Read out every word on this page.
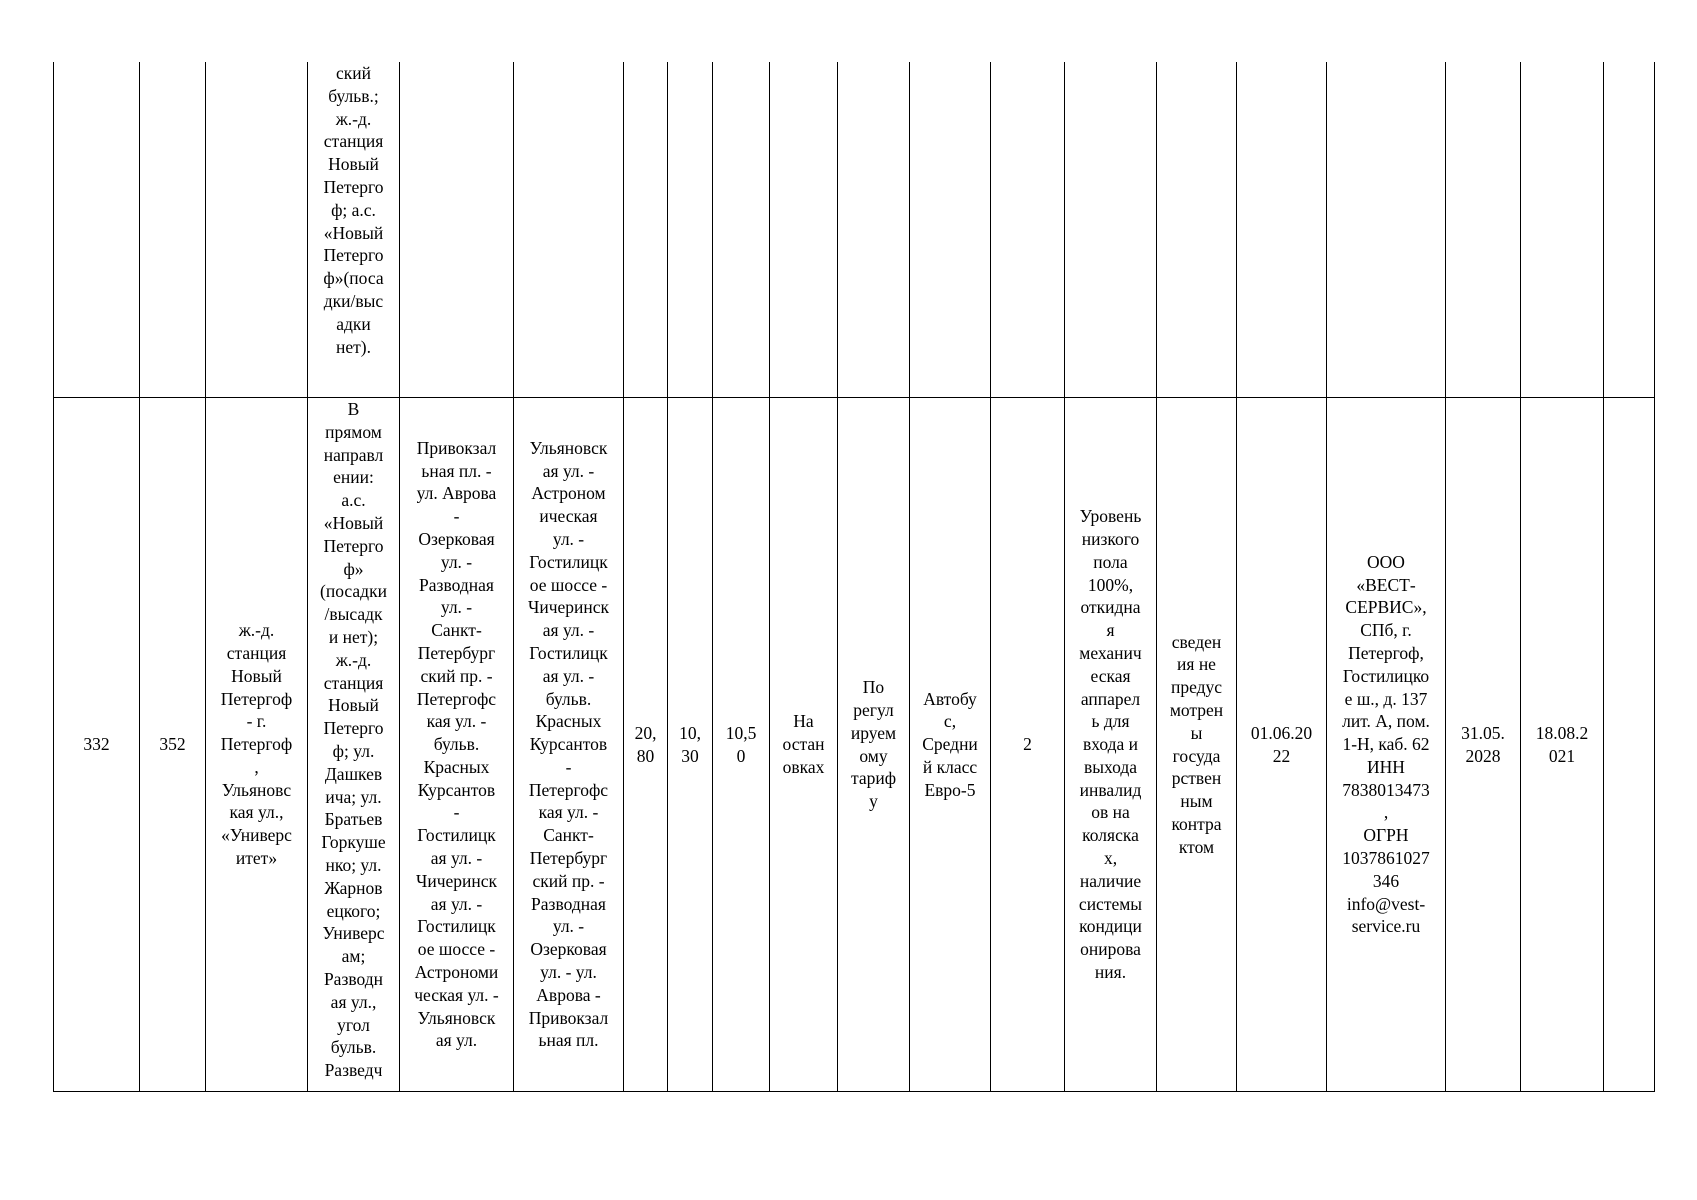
ский
бульв.;
ж.-д.
станция
Новый
Петерго
ф; а.с.
«Новый
Петерго
ф»(поса
дки/выс
адки
нет).
332	352
ж.-д.
станция
Новый
Петергоф
- г.
Петергоф
,
Ульяновс
кая ул.,
«Универс
итет»
В
прямом
направл
ении:
а.с.
«Новый
Петерго
ф»
(посадки
/высадк
и нет);
ж.-д.
станция
Новый
Петерго
ф; ул.
Дашкев
ича; ул.
Братьев
Горкуше
нко; ул.
Жарнов
ецкого;
Универс
ам;
Разводн
ая ул.,
угол
бульв.
Разведч
Привокзал
ьная пл. -
ул. Аврова
-
Озерковая
ул. -
Разводная
ул. -
Санкт-
Петербург
ский пр. -
Петергофс
кая ул. -
бульв.
Красных
Курсантов
-
Гостилицк
ая ул. -
Чичеринск
ая ул. -
Гостилицк
ое шоссе -
Астрономи
ческая ул. -
Ульяновск
ая ул.
Ульяновск
ая ул. -
Астроном
ическая
ул. -
Гостилицк
ое шоссе -
Чичеринск
ая ул. -
Гостилицк
ая ул. -
бульв.
Красных
Курсантов
-
Петергофс
кая ул. -
Санкт-
Петербург
ский пр. -
Разводная
ул. -
Озерковая
ул. - ул.
Аврова -
Привокзал
ьная пл.
20,
80
10,
30
10,5
0
На
остан
овках
По
регул
ируем
ому
тариф
у
Автобу
с,
Средни
й класс
Евро-5
2
Уровень
низкого
пола
100%,
откидна
я
механич
еская
аппарел
ь для
входа и
выхода
инвалид
ов на
коляска
х,
наличие
системы
кондици
онирова
ния.
сведен
ия не
предус
мотрен
ы
госуда
рствен
ным
контра
ктом
01.06.20
22
ООО
«ВЕСТ-
СЕРВИС»,
СПб, г.
Петергоф,
Гостилицко
е ш., д. 137
лит. А, пом.
1-Н, каб. 62
ИНН
7838013473
,
ОГРН
1037861027
346
info@vest-
service.ru
31.05.
2028
18.08.2
021
